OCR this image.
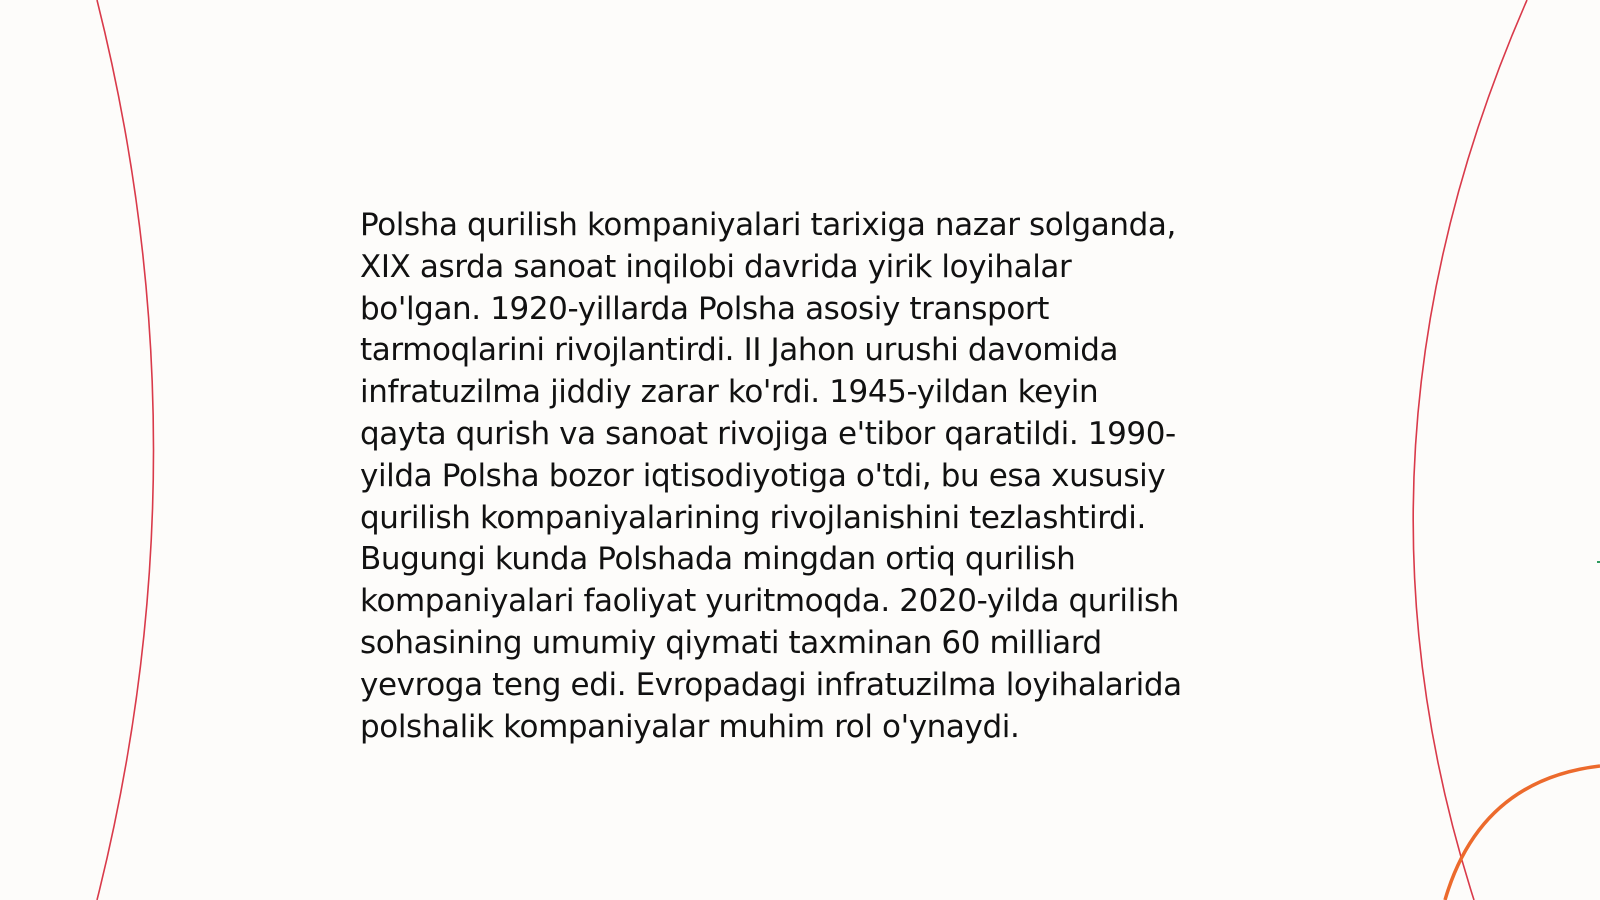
Polsha qurilish kompaniyalari tarixiga nazar solganda,
XIX asrda sanoat inqilobi davrida yirik loyihalar
bo'lgan. 1920-yillarda Polsha asosiy transport
tarmoqlarini rivojlantirdi. II Jahon urushi davomida
infratuzilma jiddiy zarar ko'rdi. 1945-yildan keyin
qayta qurish va sanoat rivojiga e'tibor qaratildi. 1990-
yilda Polsha bozor iqtisodiyotiga o'tdi, bu esa xususiy
qurilish kompaniyalarining rivojlanishini tezlashtirdi.
Bugungi kunda Polshada mingdan ortiq qurilish
kompaniyalari faoliyat yuritmoqda. 2020-yilda qurilish
sohasining umumiy qiymati taxminan 60 milliard
yevroga teng edi. Evropadagi infratuzilma loyihalarida
polshalik kompaniyalar muhim rol o'ynaydi.
